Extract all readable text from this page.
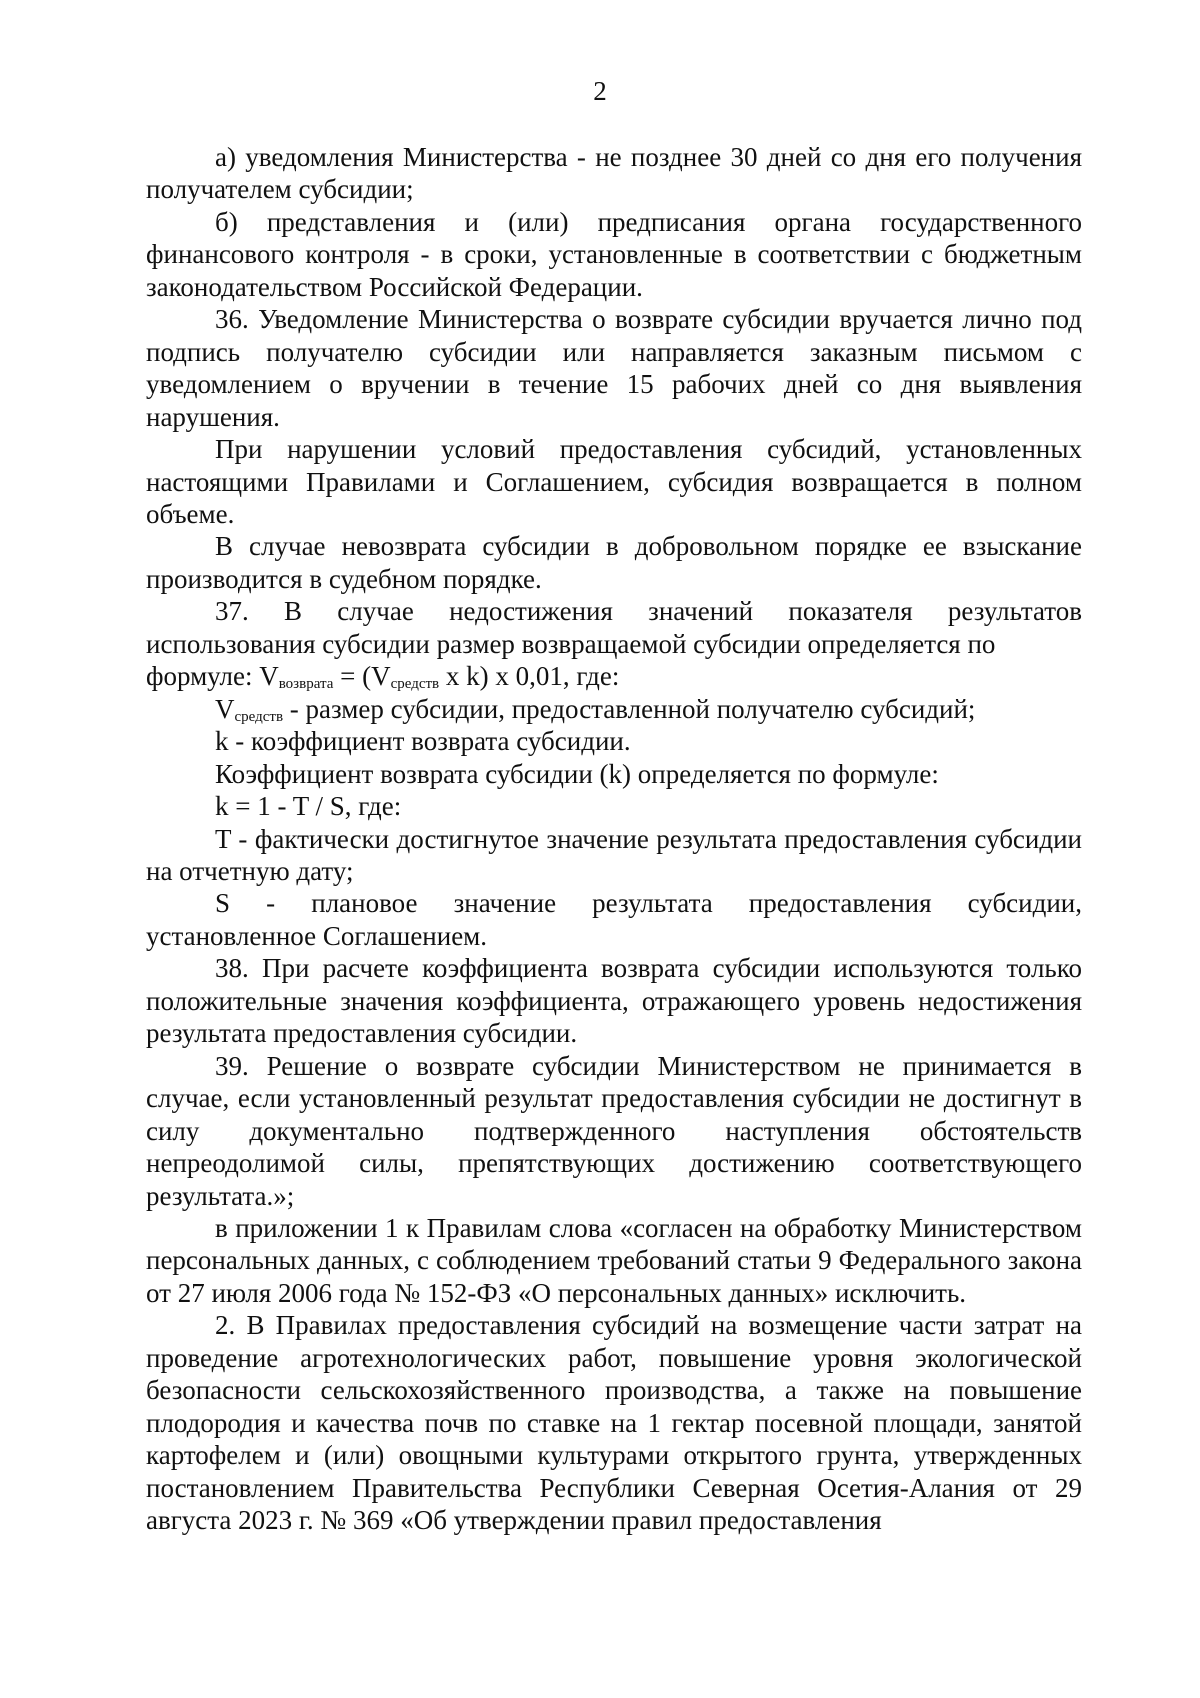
2

а) уведомления Министерства - не позднее 30 дней со дня его получения получателем субсидии;

б) представления и (или) предписания органа государственного финансового контроля - в сроки, установленные в соответствии с бюджетным законодательством Российской Федерации.

36. Уведомление Министерства о возврате субсидии вручается лично под подпись получателю субсидии или направляется заказным письмом с уведомлением о вручении в течение 15 рабочих дней со дня выявления нарушения.

При нарушении условий предоставления субсидий, установленных настоящими Правилами и Соглашением, субсидия возвращается в полном объеме.

В случае невозврата субсидии в добровольном порядке ее взыскание производится в судебном порядке.

37. В случае недостижения значений показателя результатов использования субсидии размер возвращаемой субсидии определяется по

формуле: $V_{возврата} = (V_{средств}$ x k) x 0,01, где:

$V_{средств}$ - размер субсидии, предоставленной получателю субсидий;

k - коэффициент возврата субсидии.

Коэффициент возврата субсидии (k) определяется по формуле:

k = 1 - T / S, где:

T - фактически достигнутое значение результата предоставления субсидии на отчетную дату;

S - плановое значение результата предоставления субсидии, установленное Соглашением.

38. При расчете коэффициента возврата субсидии используются только положительные значения коэффициента, отражающего уровень недостижения результата предоставления субсидии.

39. Решение о возврате субсидии Министерством не принимается в случае, если установленный результат предоставления субсидии не достигнут в силу документально подтвержденного наступления обстоятельств непреодолимой силы, препятствующих достижению соответствующего результата.»;

в приложении 1 к Правилам слова «согласен на обработку Министерством персональных данных, с соблюдением требований статьи 9 Федерального закона от 27 июля 2006 года № 152-ФЗ «О персональных данных» исключить.

2. В Правилах предоставления субсидий на возмещение части затрат на проведение агротехнологических работ, повышение уровня экологической безопасности сельскохозяйственного производства, а также на повышение плодородия и качества почв по ставке на 1 гектар посевной площади, занятой картофелем и (или) овощными культурами открытого грунта, утвержденных постановлением Правительства Республики Северная Осетия-Алания от 29 августа 2023 г. № 369 «Об утверждении правил предоставления
